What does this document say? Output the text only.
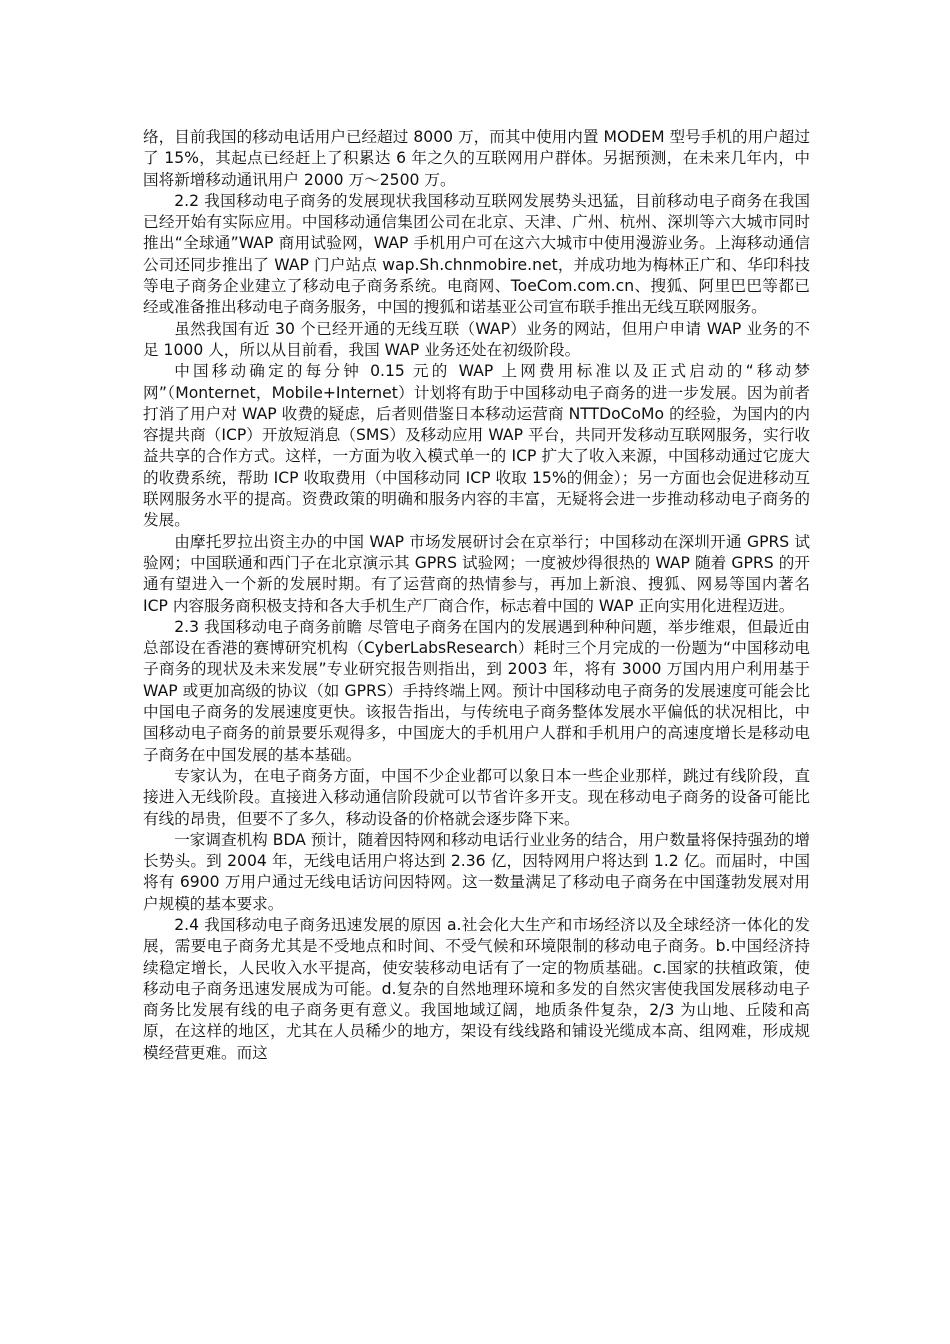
络，目前我国的移动电话用户已经超过 8000 万，而其中使用内置 MODEM 型号手机的用户超过了 15%，其起点已经赶上了积累达 6 年之久的互联网用户群体。另据预测，在未来几年内，中国将新增移动通讯用户 2000 万～2500 万。

2.2 我国移动电子商务的发展现状我国移动互联网发展势头迅猛，目前移动电子商务在我国已经开始有实际应用。中国移动通信集团公司在北京、天津、广州、杭州、深圳等六大城市同时推出“全球通”WAP 商用试验网，WAP 手机用户可在这六大城市中使用漫游业务。上海移动通信公司还同步推出了 WAP 门户站点 wap.Sh.chnmobire.net，并成功地为梅林正广和、华印科技等电子商务企业建立了移动电子商务系统。电商网、ToeCom.com.cn、搜狐、阿里巴巴等都已经或准备推出移动电子商务服务，中国的搜狐和诺基亚公司宣布联手推出无线互联网服务。

虽然我国有近 30 个已经开通的无线互联（WAP）业务的网站，但用户申请 WAP 业务的不足 1000 人，所以从目前看，我国 WAP 业务还处在初级阶段。

中国移动确定的每分钟 0.15 元的 WAP 上网费用标准以及正式启动的“移动梦网”（Monternet，Mobile+Internet）计划将有助于中国移动电子商务的进一步发展。因为前者打消了用户对 WAP 收费的疑虑，后者则借鉴日本移动运营商 NTTDoCoMo 的经验，为国内的内容提共商（ICP）开放短消息（SMS）及移动应用 WAP 平台，共同开发移动互联网服务，实行收益共享的合作方式。这样，一方面为收入模式单一的 ICP 扩大了收入来源，中国移动通过它庞大的收费系统，帮助 ICP 收取费用（中国移动同 ICP 收取 15%的佣金）；另一方面也会促进移动互联网服务水平的提高。资费政策的明确和服务内容的丰富，无疑将会进一步推动移动电子商务的发展。

由摩托罗拉出资主办的中国 WAP 市场发展研讨会在京举行；中国移动在深圳开通 GPRS 试验网；中国联通和西门子在北京演示其 GPRS 试验网；一度被炒得很热的 WAP 随着 GPRS 的开通有望进入一个新的发展时期。有了运营商的热情参与，再加上新浪、搜狐、网易等国内著名 ICP 内容服务商积极支持和各大手机生产厂商合作，标志着中国的 WAP 正向实用化进程迈进。

2.3 我国移动电子商务前瞻 尽管电子商务在国内的发展遇到种种问题，举步维艰，但最近由总部设在香港的赛博研究机构（CyberLabsResearch）耗时三个月完成的一份题为“中国移动电子商务的现状及未来发展”专业研究报告则指出，到 2003 年，将有 3000 万国内用户利用基于 WAP 或更加高级的协议（如 GPRS）手持终端上网。预计中国移动电子商务的发展速度可能会比中国电子商务的发展速度更快。该报告指出，与传统电子商务整体发展水平偏低的状况相比，中国移动电子商务的前景要乐观得多，中国庞大的手机用户人群和手机用户的高速度增长是移动电子商务在中国发展的基本基础。

专家认为，在电子商务方面，中国不少企业都可以象日本一些企业那样，跳过有线阶段，直接进入无线阶段。直接进入移动通信阶段就可以节省许多开支。现在移动电子商务的设备可能比有线的昂贵，但要不了多久，移动设备的价格就会逐步降下来。

一家调查机构 BDA 预计，随着因特网和移动电话行业业务的结合，用户数量将保持强劲的增长势头。到 2004 年，无线电话用户将达到 2.36 亿，因特网用户将达到 1.2 亿。而届时，中国将有 6900 万用户通过无线电话访问因特网。这一数量满足了移动电子商务在中国蓬勃发展对用户规模的基本要求。

2.4 我国移动电子商务迅速发展的原因 a.社会化大生产和市场经济以及全球经济一体化的发展，需要电子商务尤其是不受地点和时间、不受气候和环境限制的移动电子商务。b.中国经济持续稳定增长，人民收入水平提高，使安装移动电话有了一定的物质基础。c.国家的扶植政策，使移动电子商务迅速发展成为可能。d.复杂的自然地理环境和多发的自然灾害使我国发展移动电子商务比发展有线的电子商务更有意义。我国地域辽阔，地质条件复杂，2/3 为山地、丘陵和高原，在这样的地区，尤其在人员稀少的地方，架设有线线路和铺设光缆成本高、组网难，形成规模经营更难。而这
